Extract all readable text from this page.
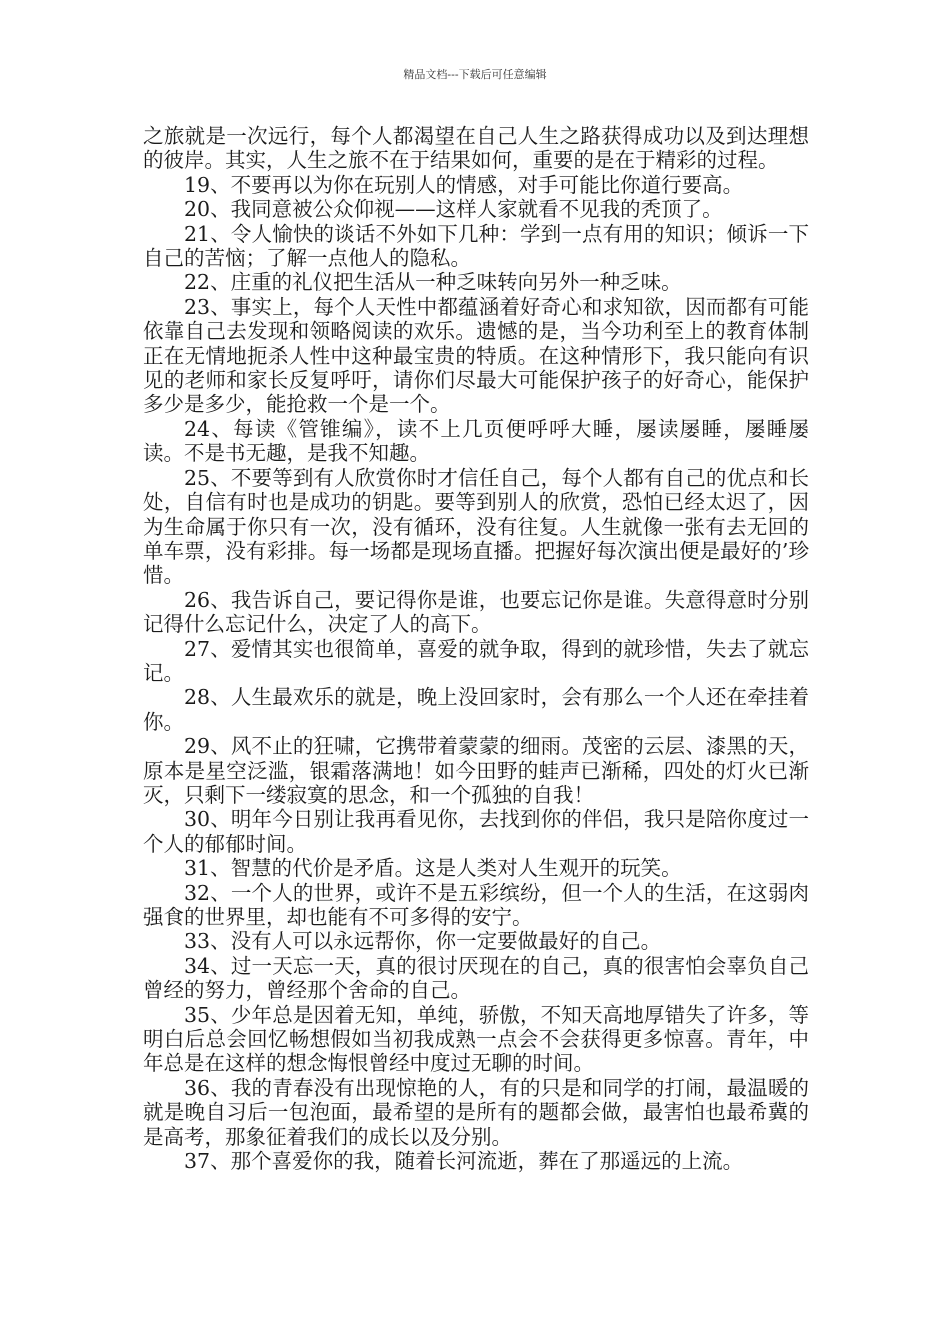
精品文档---下载后可任意编辑

之旅就是一次远行，每个人都渴望在自己人生之路获得成功以及到达理想的彼岸。其实，人生之旅不在于结果如何，重要的是在于精彩的过程。

19、不要再以为你在玩别人的情感，对手可能比你道行要高。

20、我同意被公众仰视——这样人家就看不见我的秃顶了。

21、令人愉快的谈话不外如下几种：学到一点有用的知识；倾诉一下自己的苦恼；了解一点他人的隐私。

22、庄重的礼仪把生活从一种乏味转向另外一种乏味。

23、事实上，每个人天性中都蕴涵着好奇心和求知欲，因而都有可能依靠自己去发现和领略阅读的欢乐。遗憾的是，当今功利至上的教育体制正在无情地扼杀人性中这种最宝贵的特质。在这种情形下，我只能向有识见的老师和家长反复呼吁，请你们尽最大可能保护孩子的好奇心，能保护多少是多少，能抢救一个是一个。

24、每读《管锥编》，读不上几页便呼呼大睡，屡读屡睡，屡睡屡读。不是书无趣，是我不知趣。

25、不要等到有人欣赏你时才信任自己，每个人都有自己的优点和长处，自信有时也是成功的钥匙。要等到别人的欣赏，恐怕已经太迟了，因为生命属于你只有一次，没有循环，没有往复。人生就像一张有去无回的单车票，没有彩排。每一场都是现场直播。把握好每次演出便是最好的’珍惜。

26、我告诉自己，要记得你是谁，也要忘记你是谁。失意得意时分别记得什么忘记什么，决定了人的高下。

27、爱情其实也很简单，喜爱的就争取，得到的就珍惜，失去了就忘记。

28、人生最欢乐的就是，晚上没回家时，会有那么一个人还在牵挂着你。

29、风不止的狂啸，它携带着蒙蒙的细雨。茂密的云层、漆黑的天，原本是星空泛滥，银霜落满地！如今田野的蛙声已渐稀，四处的灯火已渐灭，只剩下一缕寂寞的思念，和一个孤独的自我！

30、明年今日别让我再看见你，去找到你的伴侣，我只是陪你度过一个人的郁郁时间。

31、智慧的代价是矛盾。这是人类对人生观开的玩笑。

32、一个人的世界，或许不是五彩缤纷，但一个人的生活，在这弱肉强食的世界里，却也能有不可多得的安宁。

33、没有人可以永远帮你，你一定要做最好的自己。

34、过一天忘一天，真的很讨厌现在的自己，真的很害怕会辜负自己曾经的努力，曾经那个舍命的自己。

35、少年总是因着无知，单纯，骄傲，不知天高地厚错失了许多，等明白后总会回忆畅想假如当初我成熟一点会不会获得更多惊喜。青年，中年总是在这样的想念悔恨曾经中度过无聊的时间。

36、我的青春没有出现惊艳的人，有的只是和同学的打闹，最温暖的就是晚自习后一包泡面，最希望的是所有的题都会做，最害怕也最希冀的是高考，那象征着我们的成长以及分别。

37、那个喜爱你的我，随着长河流逝，葬在了那遥远的上流。
